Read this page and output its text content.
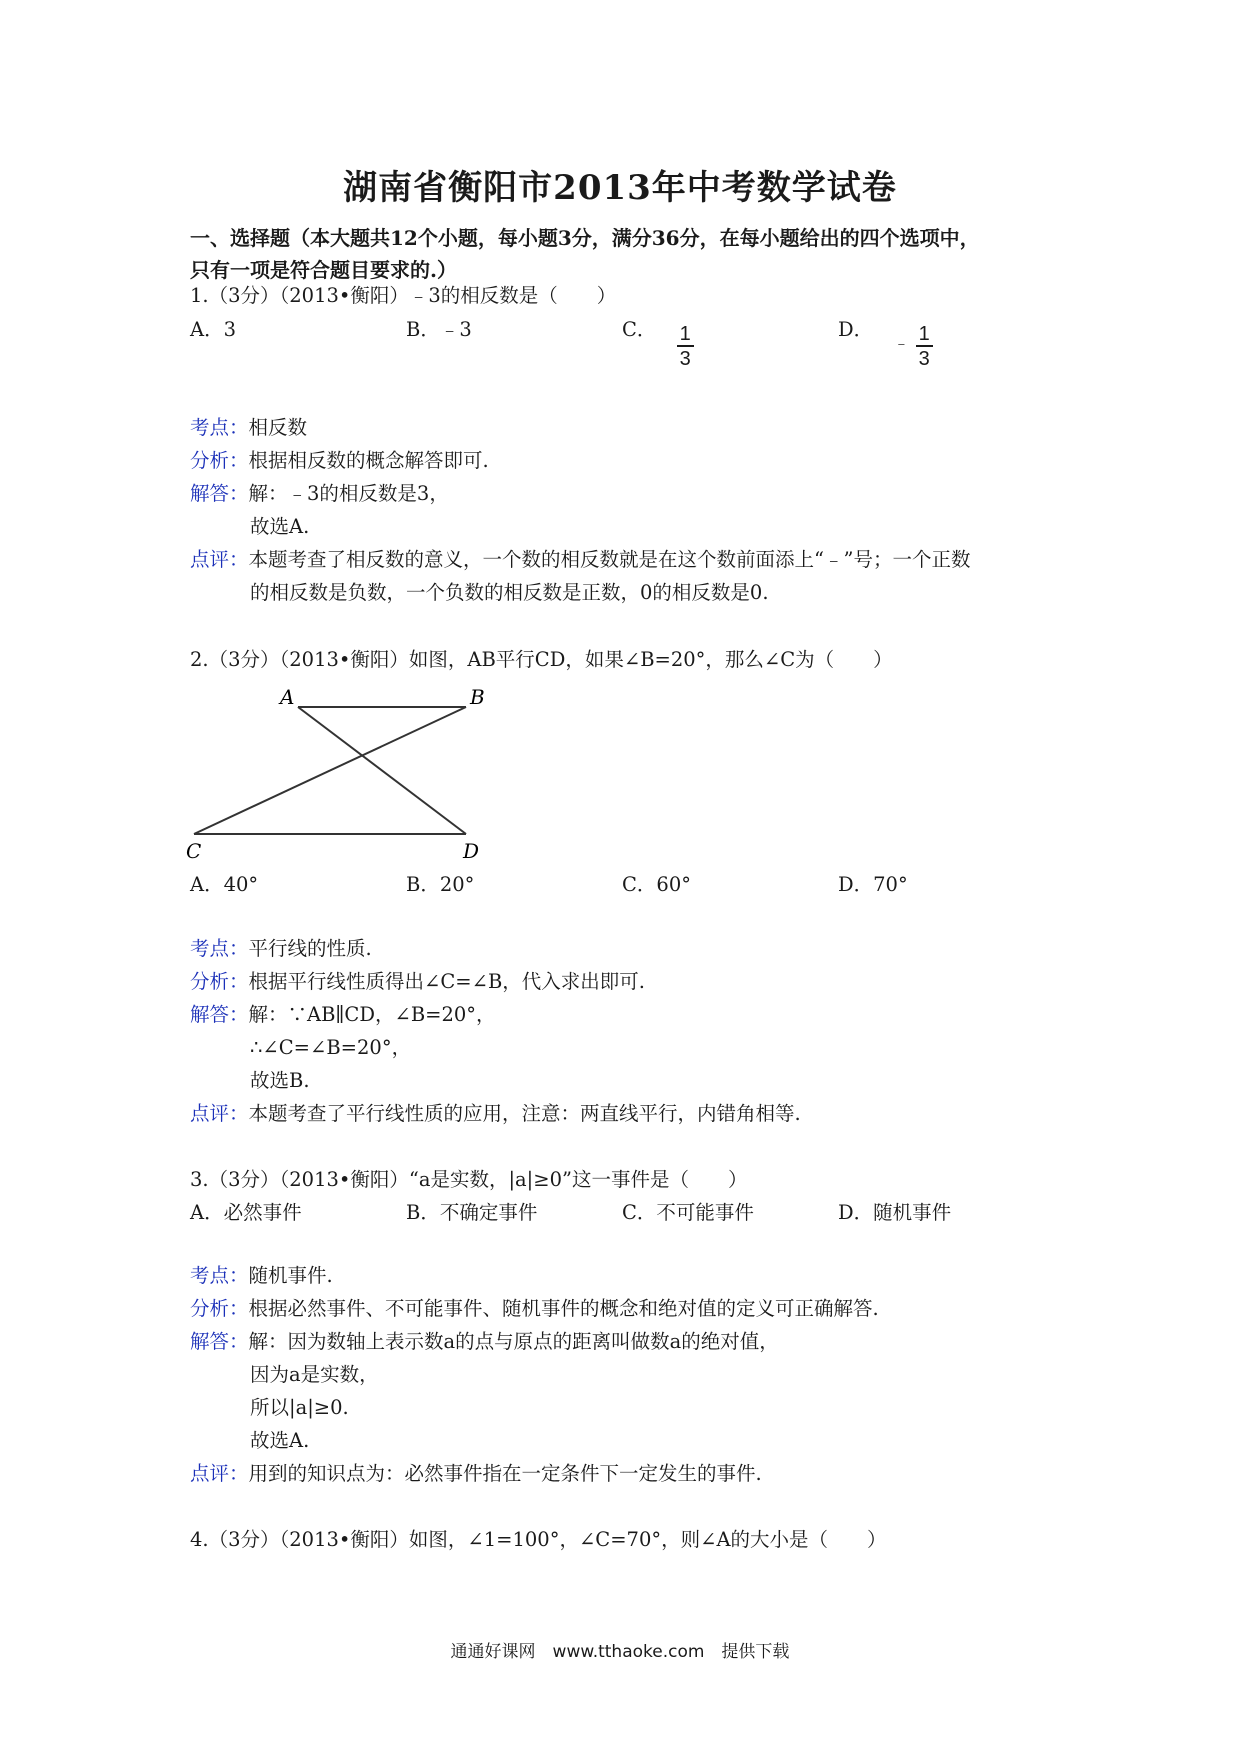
湖南省衡阳市2013年中考数学试卷
一、选择题（本大题共12个小题，每小题3分，满分36分，在每小题给出的四个选项中，
只有一项是符合题目要求的.）
1.（3分）（2013•衡阳）﹣3的相反数是（　　）
A．3	B．﹣3	C． $\frac{1}{3}$	D． ﹣ $\frac{1}{3}$
考点：相反数
分析：根据相反数的概念解答即可.
解答：解：﹣3的相反数是3，
故选A.
点评：本题考查了相反数的意义，一个数的相反数就是在这个数前面添上“﹣”号；一个正数
的相反数是负数，一个负数的相反数是正数，0的相反数是0.
2.（3分）（2013•衡阳）如图，AB平行CD，如果∠B=20°，那么∠C为（　　）
A	B
C	D
A．40°	B．20°	C．60°	D．70°
考点：平行线的性质.
分析：根据平行线性质得出∠C=∠B，代入求出即可.
解答：解：∵AB∥CD，∠B=20°，
∴∠C=∠B=20°，
故选B.
点评：本题考查了平行线性质的应用，注意：两直线平行，内错角相等.
3.（3分）（2013•衡阳）“a是实数，|a|≥0”这一事件是（　　）
A．必然事件	B．不确定事件	C．不可能事件	D．随机事件
考点：随机事件.
分析：根据必然事件、不可能事件、随机事件的概念和绝对值的定义可正确解答.
解答：解：因为数轴上表示数a的点与原点的距离叫做数a的绝对值，
因为a是实数，
所以|a|≥0.
故选A.
点评：用到的知识点为：必然事件指在一定条件下一定发生的事件.
4.（3分）（2013•衡阳）如图，∠1=100°，∠C=70°，则∠A的大小是（　　）
通通好课网　www.tthaoke.com　提供下载
